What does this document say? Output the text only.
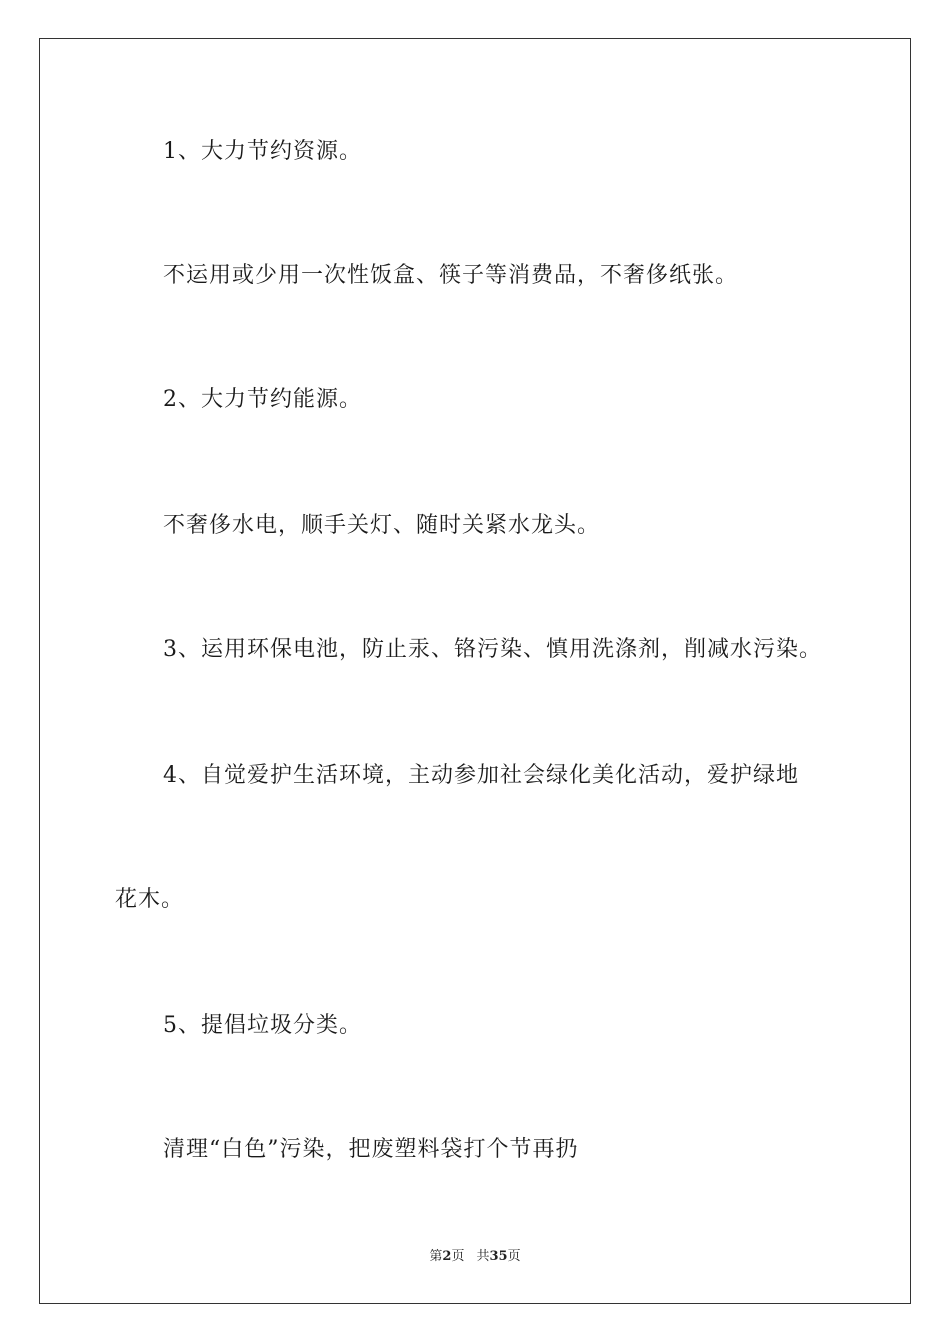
1、大力节约资源。

不运用或少用一次性饭盒、筷子等消费品，不奢侈纸张。

2、大力节约能源。

不奢侈水电，顺手关灯、随时关紧水龙头。

3、运用环保电池，防止汞、铬污染、慎用洗涤剂，削减水污染。

4、自觉爱护生活环境，主动参加社会绿化美化活动，爱护绿地

花木。

5、提倡垃圾分类。

清理“白色”污染，把废塑料袋打个节再扔

第2页 共35页
